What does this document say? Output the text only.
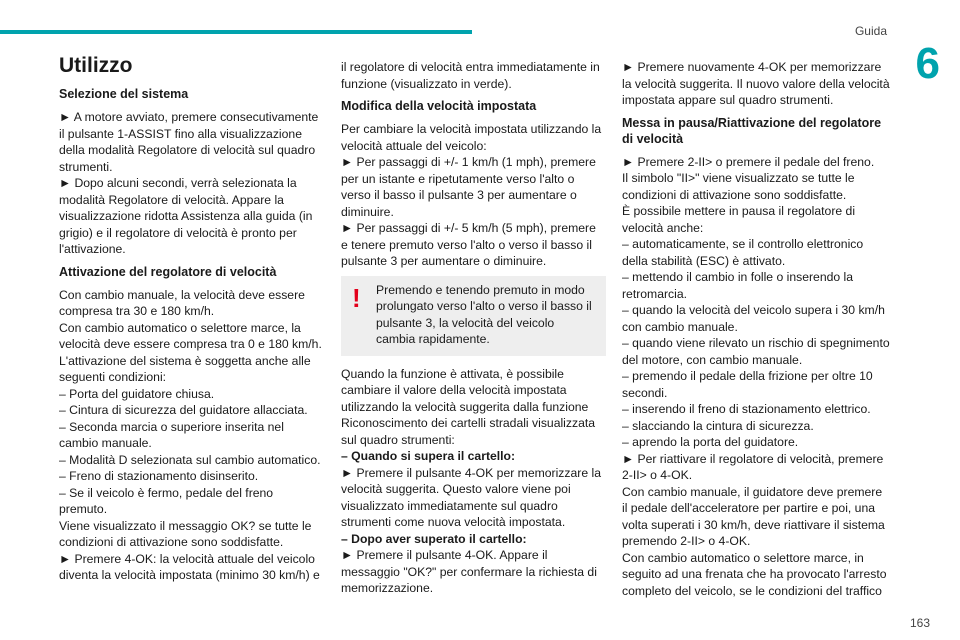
Guida
6
Utilizzo
Selezione del sistema

► A motore avviato, premere consecutivamente il pulsante 1-ASSIST fino alla visualizzazione della modalità Regolatore di velocità sul quadro strumenti.

► Dopo alcuni secondi, verrà selezionata la modalità Regolatore di velocità. Appare la visualizzazione ridotta Assistenza alla guida (in grigio) e il regolatore di velocità è pronto per l'attivazione.

Attivazione del regolatore di velocità

Con cambio manuale, la velocità deve essere compresa tra 30 e 180 km/h.

Con cambio automatico o selettore marce, la velocità deve essere compresa tra 0 e 180 km/h.

L'attivazione del sistema è soggetta anche alle seguenti condizioni:

– Porta del guidatore chiusa.

– Cintura di sicurezza del guidatore allacciata.

– Seconda marcia o superiore inserita nel cambio manuale.

– Modalità D selezionata sul cambio automatico.

– Freno di stazionamento disinserito.

– Se il veicolo è fermo, pedale del freno premuto.

Viene visualizzato il messaggio OK? se tutte le condizioni di attivazione sono soddisfatte.

► Premere 4-OK: la velocità attuale del veicolo diventa la velocità impostata (minimo 30 km/h) e

il regolatore di velocità entra immediatamente in funzione (visualizzato in verde).

Modifica della velocità impostata

Per cambiare la velocità impostata utilizzando la velocità attuale del veicolo:

► Per passaggi di +/- 1 km/h (1 mph), premere per un istante e ripetutamente verso l'alto o verso il basso il pulsante 3 per aumentare o diminuire.

► Per passaggi di +/- 5 km/h (5 mph), premere e tenere premuto verso l'alto o verso il basso il pulsante 3 per aumentare o diminuire.

!	Premendo e tenendo premuto in modo prolungato verso l'alto o verso il basso il pulsante 3, la velocità del veicolo cambia rapidamente.

Quando la funzione è attivata, è possibile cambiare il valore della velocità impostata utilizzando la velocità suggerita dalla funzione Riconoscimento dei cartelli stradali visualizzata sul quadro strumenti:

– Quando si supera il cartello:

► Premere il pulsante 4-OK per memorizzare la velocità suggerita. Questo valore viene poi visualizzato immediatamente sul quadro strumenti come nuova velocità impostata.

– Dopo aver superato il cartello:

► Premere il pulsante 4-OK. Appare il messaggio "OK?" per confermare la richiesta di memorizzazione.

► Premere nuovamente 4-OK per memorizzare la velocità suggerita. Il nuovo valore della velocità impostata appare sul quadro strumenti.

Messa in pausa/Riattivazione del regolatore di velocità

► Premere 2-II> o premere il pedale del freno.

Il simbolo "II>" viene visualizzato se tutte le condizioni di attivazione sono soddisfatte.

È possibile mettere in pausa il regolatore di velocità anche:

– automaticamente, se il controllo elettronico della stabilità (ESC) è attivato.

– mettendo il cambio in folle o inserendo la retromarcia.

– quando la velocità del veicolo supera i 30 km/h con cambio manuale.

– quando viene rilevato un rischio di spegnimento del motore, con cambio manuale.

– premendo il pedale della frizione per oltre 10 secondi.

– inserendo il freno di stazionamento elettrico.

– slacciando la cintura di sicurezza.

– aprendo la porta del guidatore.

► Per riattivare il regolatore di velocità, premere 2-II> o 4-OK.

Con cambio manuale, il guidatore deve premere il pedale dell'acceleratore per partire e poi, una volta superati i 30 km/h, deve riattivare il sistema premendo 2-II> o 4-OK.

Con cambio automatico o selettore marce, in seguito ad una frenata che ha provocato l'arresto completo del veicolo, se le condizioni del traffico

163
